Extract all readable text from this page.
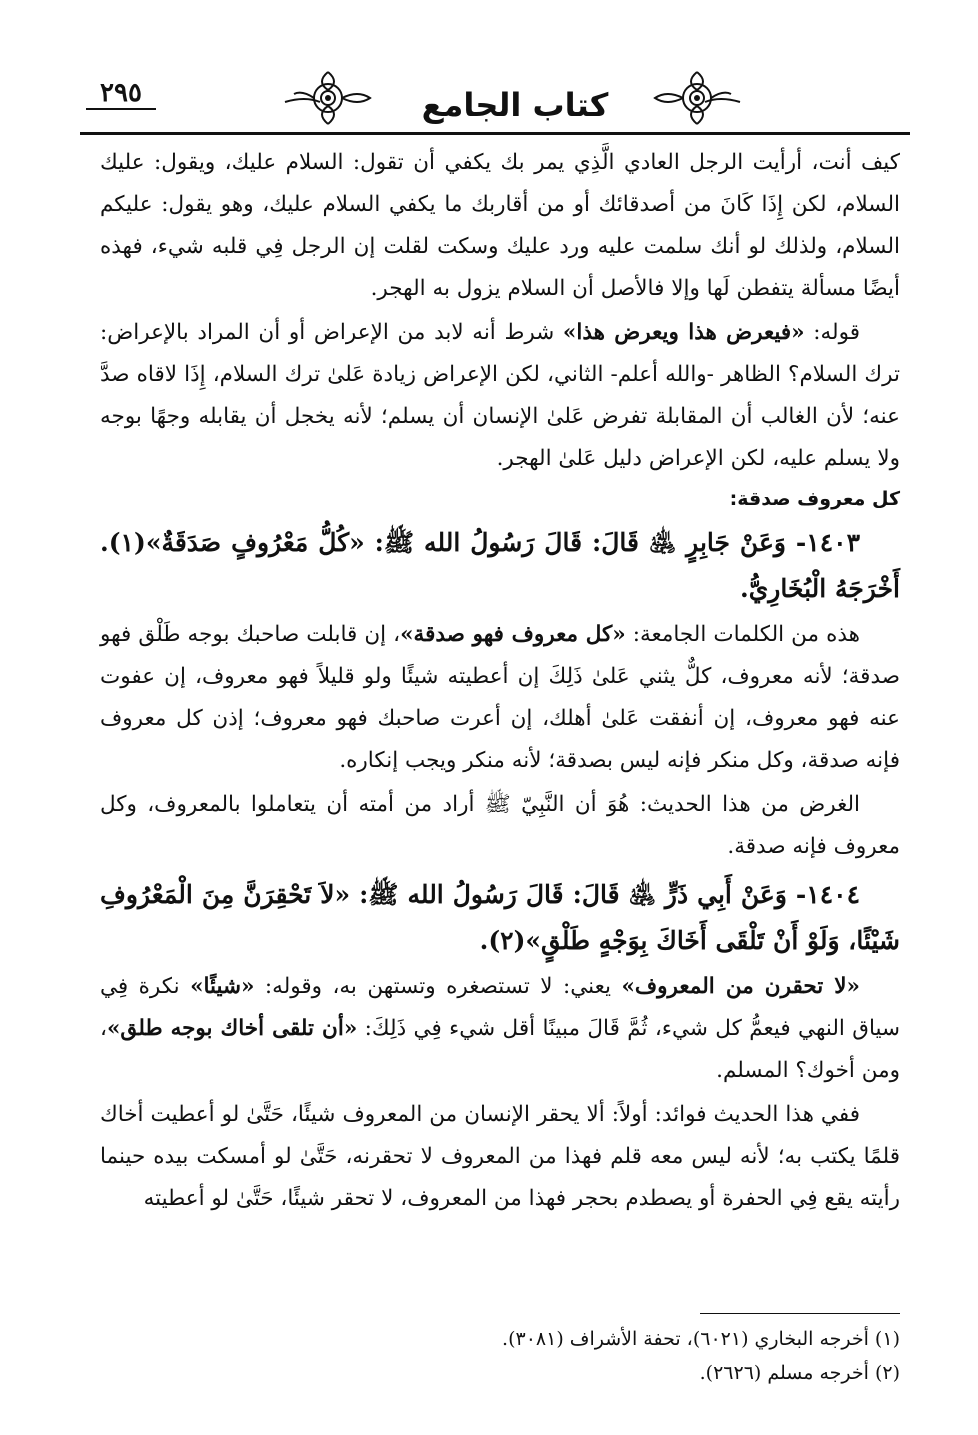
٢٩٥	كتاب الجامع

كيف أنت، أرأيت الرجل العادي الَّذِي يمر بك يكفي أن تقول: السلام عليك، ويقول: عليك السلام، لكن إِذَا كَانَ من أصدقائك أو من أقاربك ما يكفي السلام عليك، وهو يقول: عليكم السلام، ولذلك لو أنك سلمت عليه ورد عليك وسكت لقلت إن الرجل فِي قلبه شيء، فهذه أيضًا مسألة يتفطن لَها وإلا فالأصل أن السلام يزول به الهجر.

قوله: «فيعرض هذا ويعرض هذا» شرط أنه لابد من الإعراض أو أن المراد بالإعراض: ترك السلام؟ الظاهر -والله أعلم- الثاني، لكن الإعراض زيادة عَلىٰ ترك السلام، إِذَا لاقاه صدَّ عنه؛ لأن الغالب أن المقابلة تفرض عَلىٰ الإنسان أن يسلم؛ لأنه يخجل أن يقابله وجهًا بوجه ولا يسلم عليه، لكن الإعراض دليل عَلىٰ الهجر.

كل معروف صدقة:

١٤٠٣- وَعَنْ جَابِرٍ ﵁ قَالَ: قَالَ رَسُولُ الله ﷺ: «كُلُّ مَعْرُوفٍ صَدَقَةٌ»(١). أَخْرَجَهُ الْبُخَارِيُّ.

هذه من الكلمات الجامعة: «كل معروف فهو صدقة»، إن قابلت صاحبك بوجه طَلْق فهو صدقة؛ لأنه معروف، كلٌّ يثني عَلىٰ ذَلِكَ إن أعطيته شيئًا ولو قليلاً فهو معروف، إن عفوت عنه فهو معروف، إن أنفقت عَلىٰ أهلك، إن أعرت صاحبك فهو معروف؛ إذن كل معروف فإنه صدقة، وكل منكر فإنه ليس بصدقة؛ لأنه منكر ويجب إنكاره.

الغرض من هذا الحديث: هُوَ أن النَّبِيّ ﷺ أراد من أمته أن يتعاملوا بالمعروف، وكل معروف فإنه صدقة.

١٤٠٤- وَعَنْ أَبِي ذَرٍّ ﵁ قَالَ: قَالَ رَسُولُ الله ﷺ: «لاَ تَحْقِرَنَّ مِنَ الْمَعْرُوفِ شَيْئًا، وَلَوْ أَنْ تَلْقَى أَخَاكَ بِوَجْهٍ طَلْقٍ»(٢).

«لا تحقرن من المعروف» يعني: لا تستصغره وتستهن به، وقوله: «شيئًا» نكرة فِي سياق النهي فيعمُّ كل شيء، ثُمَّ قَالَ مبينًا أقل شيء فِي ذَلِكَ: «أن تلقى أخاك بوجه طلق»، ومن أخوك؟ المسلم.

ففي هذا الحديث فوائد: أولاً: ألا يحقر الإنسان من المعروف شيئًا، حَتَّىٰ لو أعطيت أخاك قلمًا يكتب به؛ لأنه ليس معه قلم فهذا من المعروف لا تحقرنه، حَتَّىٰ لو أمسكت بيده حينما رأيته يقع فِي الحفرة أو يصطدم بحجر فهذا من المعروف، لا تحقر شيئًا، حَتَّىٰ لو أعطيته

(١) أخرجه البخاري (٦٠٢١)، تحفة الأشراف (٣٠٨١).

(٢) أخرجه مسلم (٢٦٢٦).
